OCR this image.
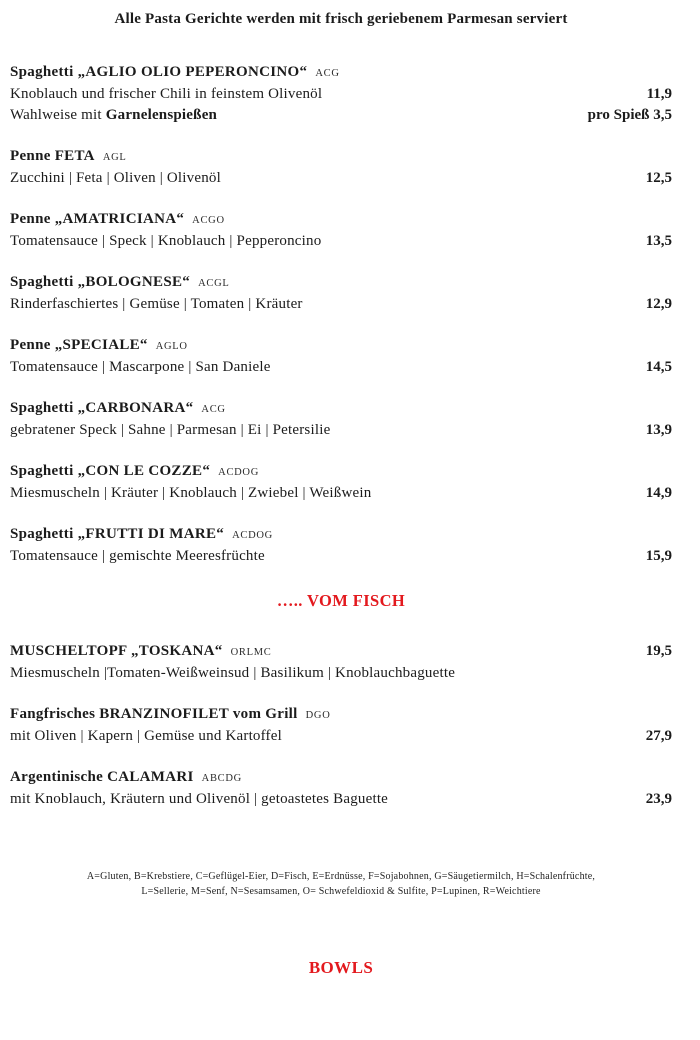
Alle Pasta Gerichte werden mit frisch geriebenem Parmesan serviert
Spaghetti „AGLIO OLIO PEPERONCINO“ ACG
Knoblauch und frischer Chili in feinstem Olivenöl	11,9
Wahlweise mit Garnelenspießen	pro Spieß 3,5
Penne FETA AGL
Zucchini | Feta | Oliven | Olivenöl	12,5
Penne „AMATRICIANA“ ACGO
Tomatensauce | Speck | Knoblauch | Pepperoncino	13,5
Spaghetti „BOLOGNESE“ ACGL
Rinderfaschiertes | Gemüse | Tomaten | Kräuter	12,9
Penne „SPECIALE“ AGLO
Tomatensauce | Mascarpone | San Daniele	14,5
Spaghetti „CARBONARA“ ACG
gebratener Speck | Sahne | Parmesan | Ei | Petersilie	13,9
Spaghetti „CON LE COZZE“ ACDOG
Miesmuscheln | Kräuter | Knoblauch | Zwiebel | Weißwein	14,9
Spaghetti „FRUTTI DI MARE“ ACDOG
Tomatensauce | gemischte Meeresfrüchte	15,9
….. VOM FISCH
MUSCHELTOPF „TOSKANA“ ORLMC	19,5
Miesmuscheln |Tomaten-Weißweinsud | Basilikum | Knoblauchbaguette
Fangfrisches BRANZINOFILET vom Grill DGO
mit Oliven | Kapern | Gemüse und Kartoffel	27,9
Argentinische CALAMARI ABCDG
mit Knoblauch, Kräutern und Olivenöl | getoastetes Baguette	23,9
A=Gluten, B=Krebstiere, C=Geflügel-Eier, D=Fisch, E=Erdnüsse, F=Sojabohnen, G=Säugetiermilch, H=Schalenfrüchte,
L=Sellerie, M=Senf, N=Sesamsamen, O= Schwefeldioxid & Sulfite, P=Lupinen, R=Weichtiere
BOWLS
